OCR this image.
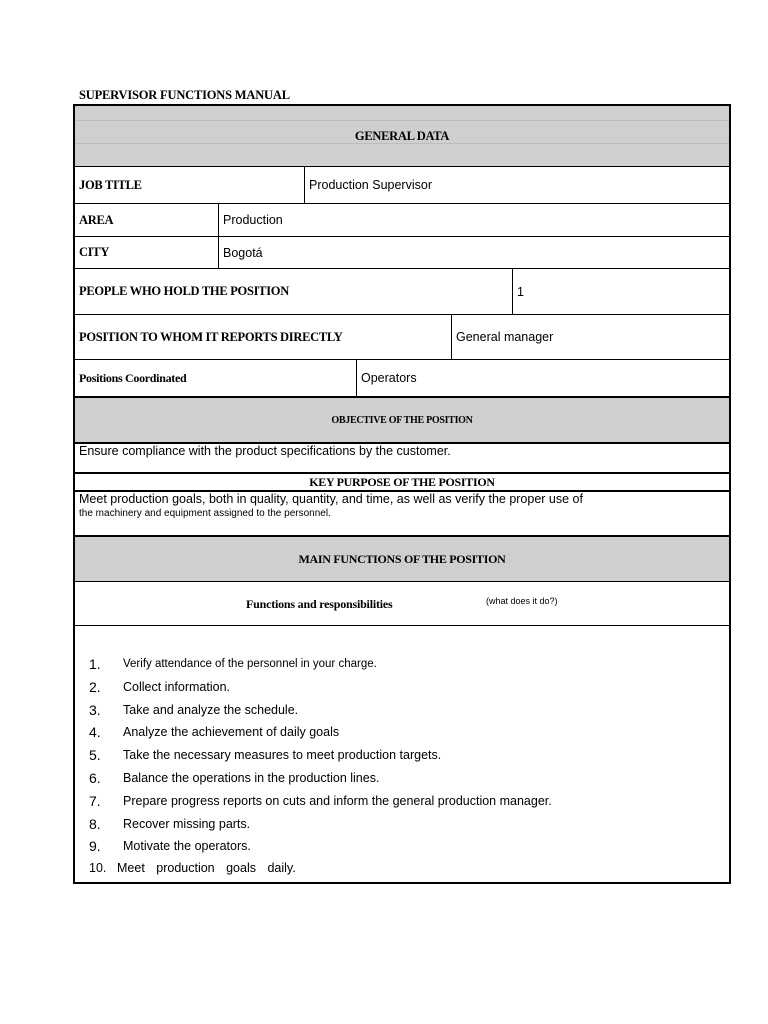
SUPERVISOR FUNCTIONS MANUAL
GENERAL DATA
JOB TITLE	Production Supervisor
AREA	Production
CITY	Bogotá
PEOPLE WHO HOLD THE POSITION	1
POSITION TO WHOM IT REPORTS DIRECTLY	General manager
Positions Coordinated	Operators
OBJECTIVE OF THE POSITION
Ensure compliance with the product specifications by the customer.
KEY PURPOSE OF THE POSITION
Meet production goals, both in quality, quantity, and time, as well as verify the proper use of
the machinery and equipment assigned to the personnel.
MAIN FUNCTIONS OF THE POSITION
Functions and responsibilities	(what does it do?)
1.	Verify attendance of the personnel in your charge.
2.	Collect information.
3.	Take and analyze the schedule.
4.	Analyze the achievement of daily goals
5.	Take the necessary measures to meet production targets.
6.	Balance the operations in the production lines.
7.	Prepare progress reports on cuts and inform the general production manager.
8.	Recover missing parts.
9.	Motivate the operators.
10. Meet production goals daily.
